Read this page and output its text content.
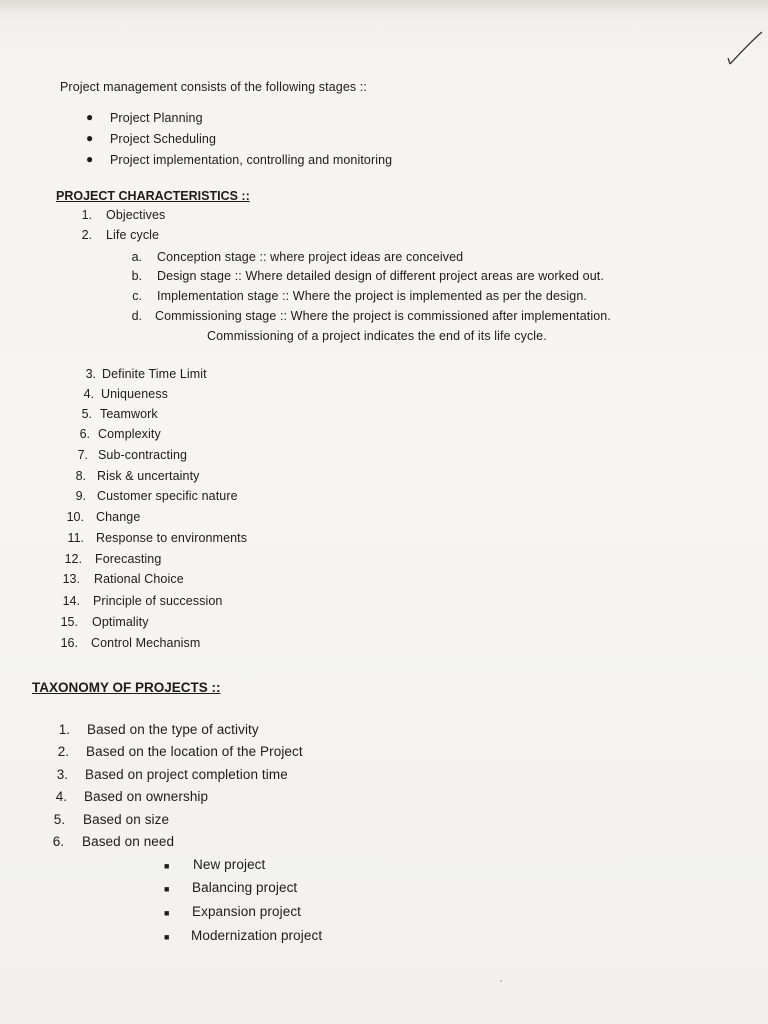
Project management consists of the following stages ::
● Project Planning
● Project Scheduling
● Project implementation, controlling and monitoring
PROJECT CHARACTERISTICS ::
1. Objectives
2. Life cycle
a. Conception stage :: where project ideas are conceived
b. Design stage :: Where detailed design of different project areas are worked out.
c. Implementation stage :: Where the project is implemented as per the design.
d. Commissioning stage :: Where the project is commissioned after implementation.
Commissioning of a project indicates the end of its life cycle.
3. Definite Time Limit
4. Uniqueness
5. Teamwork
6. Complexity
7. Sub-contracting
8. Risk & uncertainty
9. Customer specific nature
10. Change
11. Response to environments
12. Forecasting
13. Rational Choice
14. Principle of succession
15. Optimality
16. Control Mechanism
TAXONOMY OF PROJECTS ::
1. Based on the type of activity
2. Based on the location of the Project
3. Based on project completion time
4. Based on ownership
5. Based on size
6. Based on need
■ New project
■ Balancing project
■ Expansion project
■ Modernization project
